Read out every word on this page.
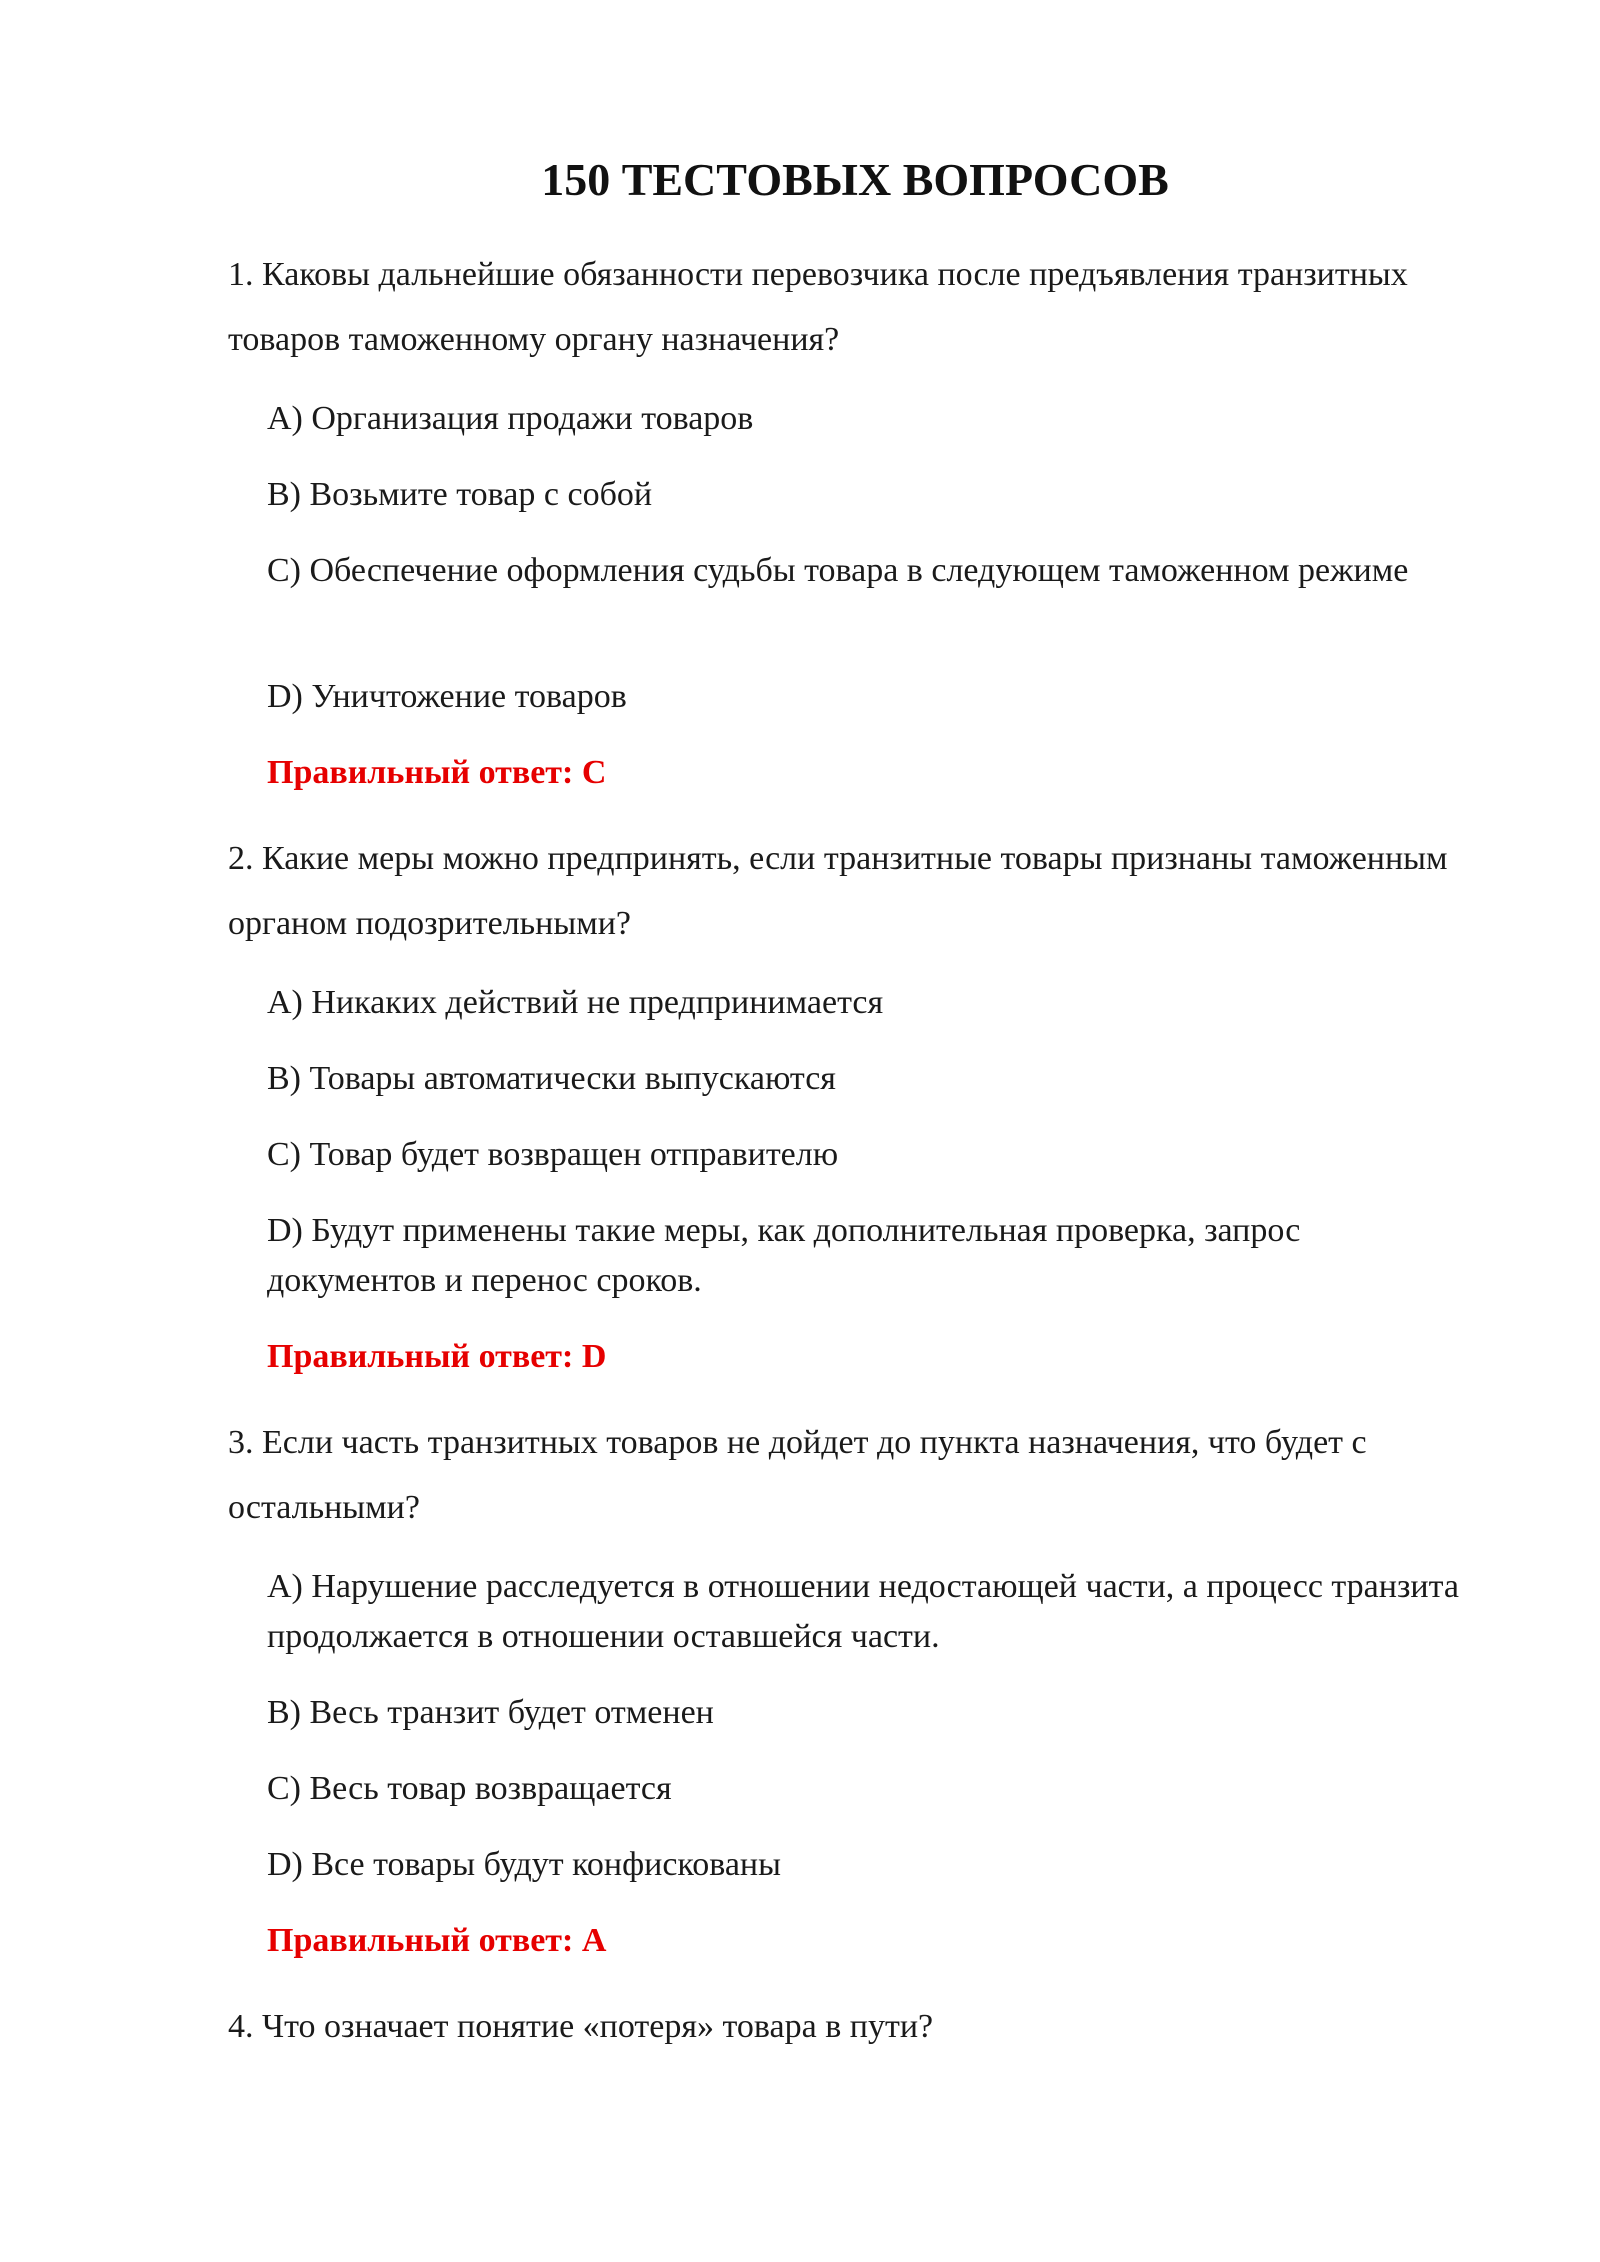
150 ТЕСТОВЫХ ВОПРОСОВ

1. Каковы дальнейшие обязанности перевозчика после предъявления транзитных товаров таможенному органу назначения?

A) Организация продажи товаров

B) Возьмите товар с собой

C) Обеспечение оформления судьбы товара в следующем таможенном режиме

D) Уничтожение товаров

Правильный ответ: C

2. Какие меры можно предпринять, если транзитные товары признаны таможенным органом подозрительными?

A) Никаких действий не предпринимается

B) Товары автоматически выпускаются

C) Товар будет возвращен отправителю

D) Будут применены такие меры, как дополнительная проверка, запрос документов и перенос сроков.

Правильный ответ: D

3. Если часть транзитных товаров не дойдет до пункта назначения, что будет с остальными?

A) Нарушение расследуется в отношении недостающей части, а процесс транзита продолжается в отношении оставшейся части.

B) Весь транзит будет отменен

C) Весь товар возвращается

D) Все товары будут конфискованы

Правильный ответ: A

4. Что означает понятие «потеря» товара в пути?
